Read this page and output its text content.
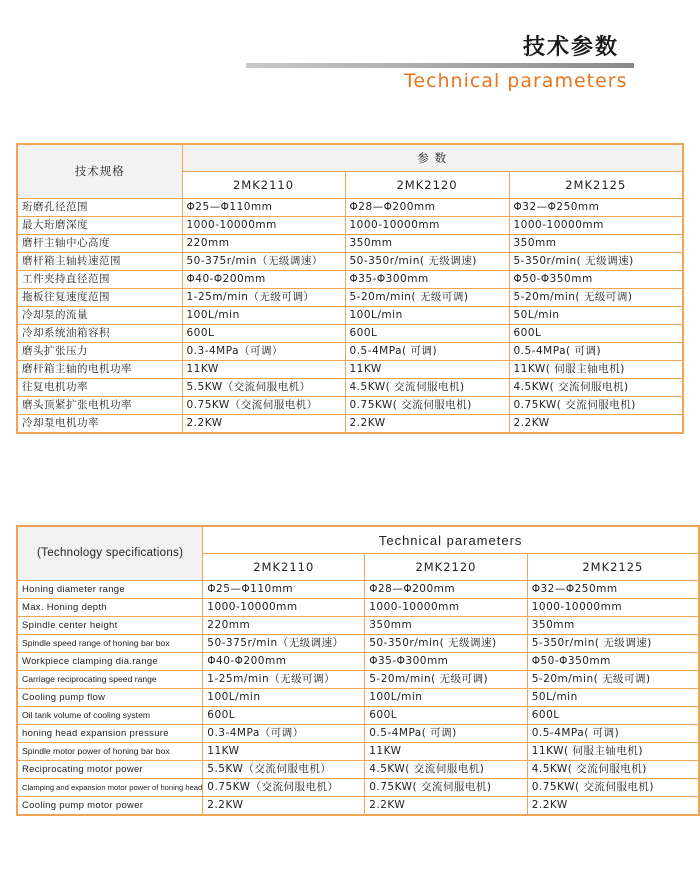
技术参数
Technical parameters
技术规格	参 数		
	2MK2110	2MK2120	2MK2125
珩磨孔径范围	Φ25—Φ110mm	Φ28—Φ200mm	Φ32—Φ250mm
最大珩磨深度	1000-10000mm	1000-10000mm	1000-10000mm
磨杆主轴中心高度	220mm	350mm	350mm
磨杆箱主轴转速范围	50-375r/min（无级调速）	50-350r/min( 无级调速)	5-350r/min( 无级调速)
工件夹持直径范围	Φ40-Φ200mm	Φ35-Φ300mm	Φ50-Φ350mm
拖板往复速度范围	1-25m/min（无级可调）	5-20m/min( 无级可调)	5-20m/min( 无级可调)
冷却泵的流量	100L/min	100L/min	50L/min
冷却系统油箱容积	600L	600L	600L
磨头扩张压力	0.3-4MPa（可调）	0.5-4MPa( 可调)	0.5-4MPa( 可调)
磨杆箱主轴的电机功率	11KW	11KW	11KW( 伺服主轴电机)
往复电机功率	5.5KW（交流伺服电机）	4.5KW( 交流伺服电机)	4.5KW( 交流伺服电机)
磨头顶紧扩张电机功率	0.75KW（交流伺服电机）	0.75KW( 交流伺服电机)	0.75KW( 交流伺服电机)
冷却泵电机功率	2.2KW	2.2KW	2.2KW
(Technology specifications)	Technical parameters		
	2MK2110	2MK2120	2MK2125
Honing diameter range	Φ25—Φ110mm	Φ28—Φ200mm	Φ32—Φ250mm
Max. Honing depth	1000-10000mm	1000-10000mm	1000-10000mm
Spindle center height	220mm	350mm	350mm
Spindle speed range of honing bar box	50-375r/min（无级调速）	50-350r/min( 无级调速)	5-350r/min( 无级调速)
Workpiece clamping dia.range	Φ40-Φ200mm	Φ35-Φ300mm	Φ50-Φ350mm
Carriage reciprocating speed range	1-25m/min（无级可调）	5-20m/min( 无级可调)	5-20m/min( 无级可调)
Cooling pump flow	100L/min	100L/min	50L/min
Oil tank volume of cooling system	600L	600L	600L
honing head expansion pressure	0.3-4MPa（可调）	0.5-4MPa( 可调)	0.5-4MPa( 可调)
Spindle motor power of honing bar box	11KW	11KW	11KW( 伺服主轴电机)
Reciprocating motor power	5.5KW（交流伺服电机）	4.5KW( 交流伺服电机)	4.5KW( 交流伺服电机)
Clamping and expansion motor power of honing head	0.75KW（交流伺服电机）	0.75KW( 交流伺服电机)	0.75KW( 交流伺服电机)
Cooling pump motor power	2.2KW	2.2KW	2.2KW
